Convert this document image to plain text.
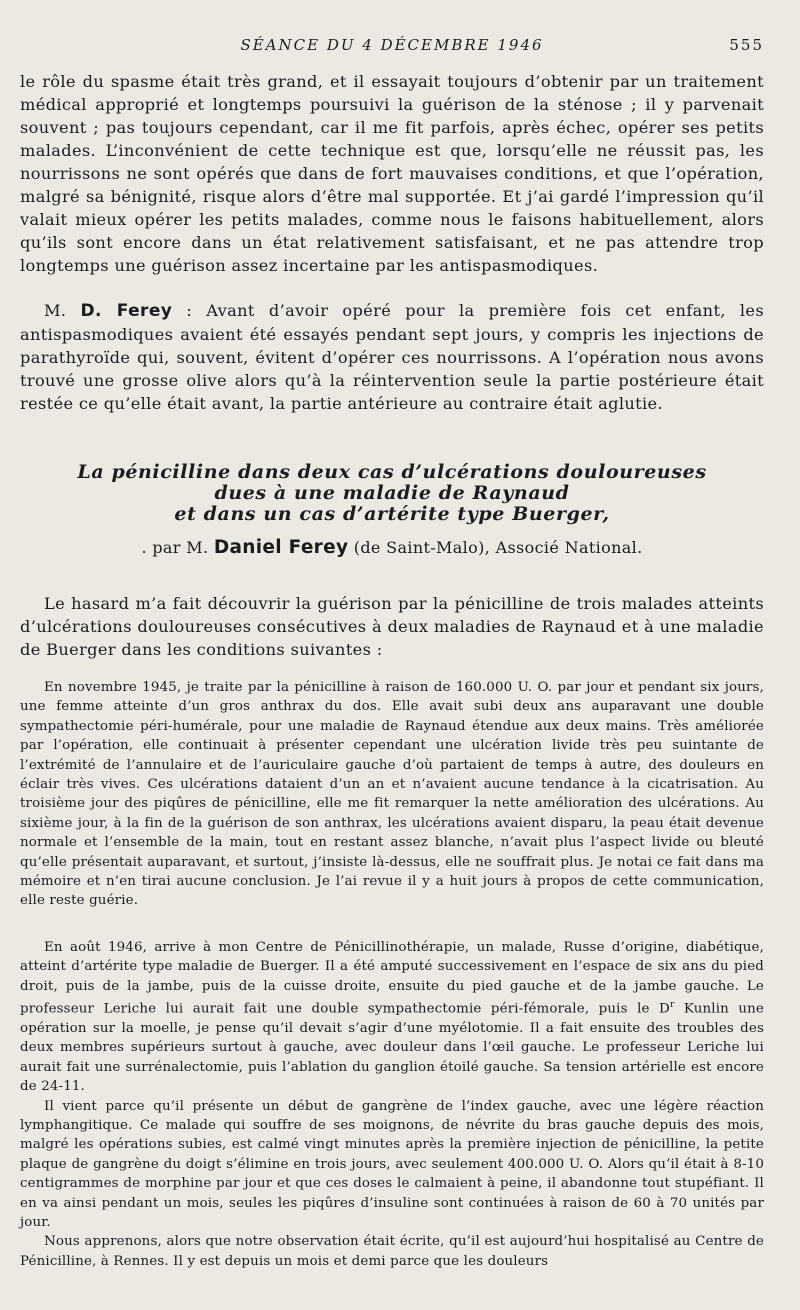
SÉANCE DU 4 DÉCEMBRE 1946	555

le rôle du spasme était très grand, et il essayait toujours d’obtenir par un traitement médical approprié et longtemps poursuivi la guérison de la sténose ; il y parvenait souvent ; pas toujours cependant, car il me fit parfois, après échec, opérer ses petits malades. L’inconvénient de cette technique est que, lorsqu’elle ne réussit pas, les nourrissons ne sont opérés que dans de fort mauvaises conditions, et que l’opération, malgré sa bénignité, risque alors d’être mal supportée. Et j’ai gardé l’impression qu’il valait mieux opérer les petits malades, comme nous le faisons habituellement, alors qu’ils sont encore dans un état relativement satisfaisant, et ne pas attendre trop longtemps une guérison assez incertaine par les antispasmodiques.

M. D. Ferey : Avant d’avoir opéré pour la première fois cet enfant, les antispasmodiques avaient été essayés pendant sept jours, y compris les injections de parathyroïde qui, souvent, évitent d’opérer ces nourrissons. A l’opération nous avons trouvé une grosse olive alors qu’à la réintervention seule la partie postérieure était restée ce qu’elle était avant, la partie antérieure au contraire était aglutie.

La pénicilline dans deux cas d’ulcérations douloureuses
dues à une maladie de Raynaud
et dans un cas d’artérite type Buerger,
. par M. Daniel Ferey (de Saint-Malo), Associé National.

Le hasard m’a fait découvrir la guérison par la pénicilline de trois malades atteints d’ulcérations douloureuses consécutives à deux maladies de Raynaud et à une maladie de Buerger dans les conditions suivantes :

En novembre 1945, je traite par la pénicilline à raison de 160.000 U. O. par jour et pendant six jours, une femme atteinte d’un gros anthrax du dos. Elle avait subi deux ans auparavant une double sympathectomie péri-humérale, pour une maladie de Raynaud étendue aux deux mains. Très améliorée par l’opération, elle continuait à présenter cependant une ulcération livide très peu suintante de l’extrémité de l’annulaire et de l’auriculaire gauche d’où partaient de temps à autre, des douleurs en éclair très vives. Ces ulcérations dataient d’un an et n’avaient aucune tendance à la cicatrisation. Au troisième jour des piqûres de pénicilline, elle me fit remarquer la nette amélioration des ulcérations. Au sixième jour, à la fin de la guérison de son anthrax, les ulcérations avaient disparu, la peau était devenue normale et l’ensemble de la main, tout en restant assez blanche, n’avait plus l’aspect livide ou bleuté qu’elle présentait auparavant, et surtout, j’insiste là-dessus, elle ne souffrait plus. Je notai ce fait dans ma mémoire et n’en tirai aucune conclusion. Je l’ai revue il y a huit jours à propos de cette communication, elle reste guérie.

En août 1946, arrive à mon Centre de Pénicillinothérapie, un malade, Russe d’origine, diabétique, atteint d’artérite type maladie de Buerger. Il a été amputé successivement en l’espace de six ans du pied droit, puis de la jambe, puis de la cuisse droite, ensuite du pied gauche et de la jambe gauche. Le professeur Leriche lui aurait fait une double sympathectomie péri-fémorale, puis le $D^r$ Kunlin une opération sur la moelle, je pense qu’il devait s’agir d’une myélotomie. Il a fait ensuite des troubles des deux membres supérieurs surtout à gauche, avec douleur dans l’œil gauche. Le professeur Leriche lui aurait fait une surrénalectomie, puis l’ablation du ganglion étoilé gauche. Sa tension artérielle est encore de 24-11.

Il vient parce qu’il présente un début de gangrène de l’index gauche, avec une légère réaction lymphangitique. Ce malade qui souffre de ses moignons, de névrite du bras gauche depuis des mois, malgré les opérations subies, est calmé vingt minutes après la première injection de pénicilline, la petite plaque de gangrène du doigt s’élimine en trois jours, avec seulement 400.000 U. O. Alors qu’il était à 8-10 centigrammes de morphine par jour et que ces doses le calmaient à peine, il abandonne tout stupéfiant. Il en va ainsi pendant un mois, seules les piqûres d’insuline sont continuées à raison de 60 à 70 unités par jour.

Nous apprenons, alors que notre observation était écrite, qu’il est aujourd’hui hospitalisé au Centre de Pénicilline, à Rennes. Il y est depuis un mois et demi parce que les douleurs
